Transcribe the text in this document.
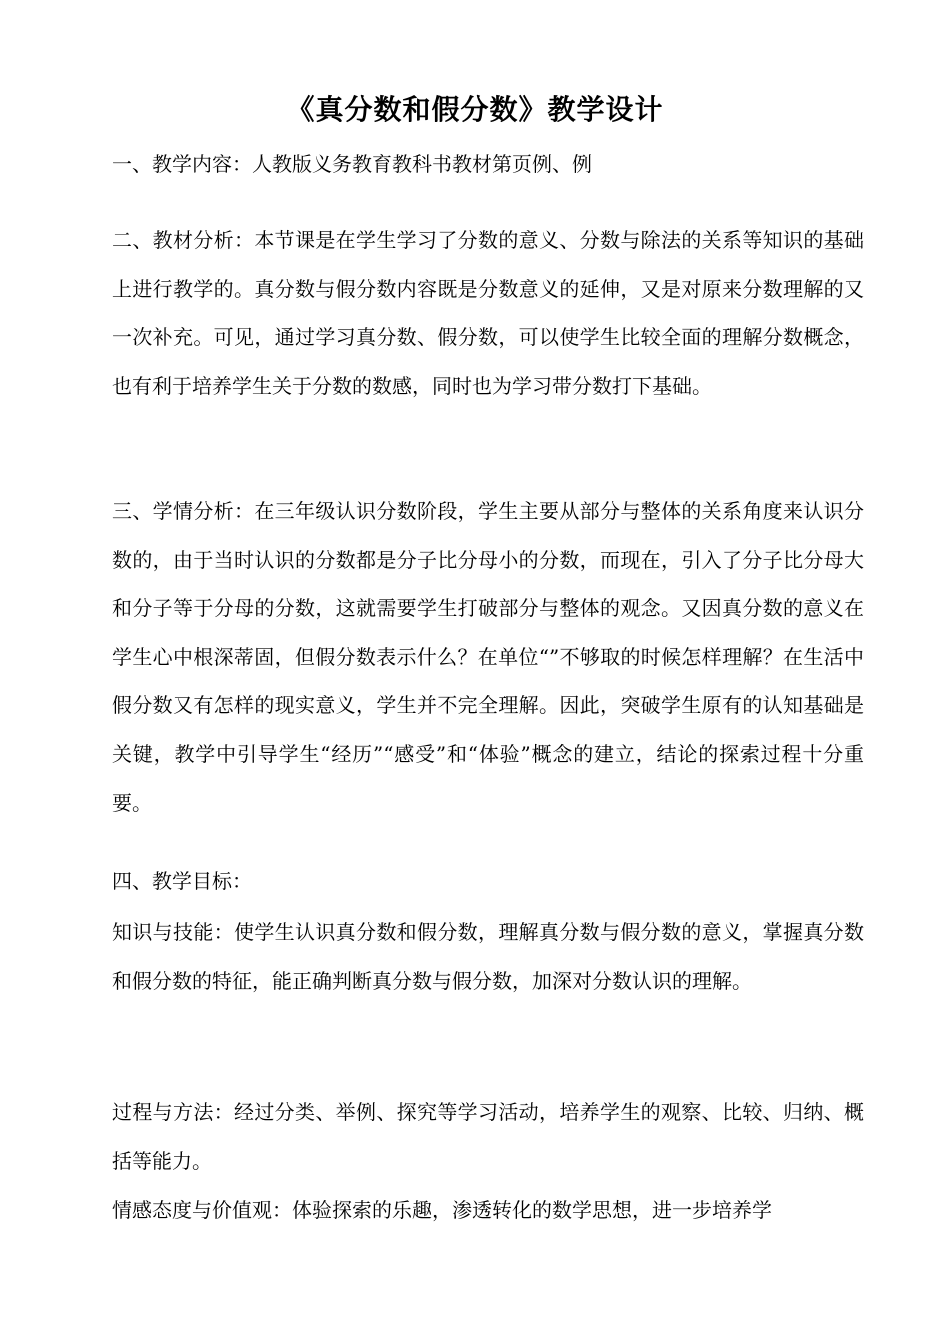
《真分数和假分数》教学设计

一、教学内容：人教版义务教育教科书教材第页例、例

二、教材分析：本节课是在学生学习了分数的意义、分数与除法的关系等知识的基础上进行教学的。真分数与假分数内容既是分数意义的延伸，又是对原来分数理解的又一次补充。可见，通过学习真分数、假分数，可以使学生比较全面的理解分数概念，也有利于培养学生关于分数的数感，同时也为学习带分数打下基础。

三、学情分析：在三年级认识分数阶段，学生主要从部分与整体的关系角度来认识分数的，由于当时认识的分数都是分子比分母小的分数，而现在，引入了分子比分母大和分子等于分母的分数，这就需要学生打破部分与整体的观念。又因真分数的意义在学生心中根深蒂固，但假分数表示什么？在单位“”不够取的时候怎样理解？在生活中假分数又有怎样的现实意义，学生并不完全理解。因此，突破学生原有的认知基础是关键，教学中引导学生“经历”“感受”和“体验”概念的建立，结论的探索过程十分重要。

四、教学目标：

知识与技能：使学生认识真分数和假分数，理解真分数与假分数的意义，掌握真分数和假分数的特征，能正确判断真分数与假分数，加深对分数认识的理解。

过程与方法：经过分类、举例、探究等学习活动，培养学生的观察、比较、归纳、概括等能力。

情感态度与价值观：体验探索的乐趣，渗透转化的数学思想，进一步培养学
